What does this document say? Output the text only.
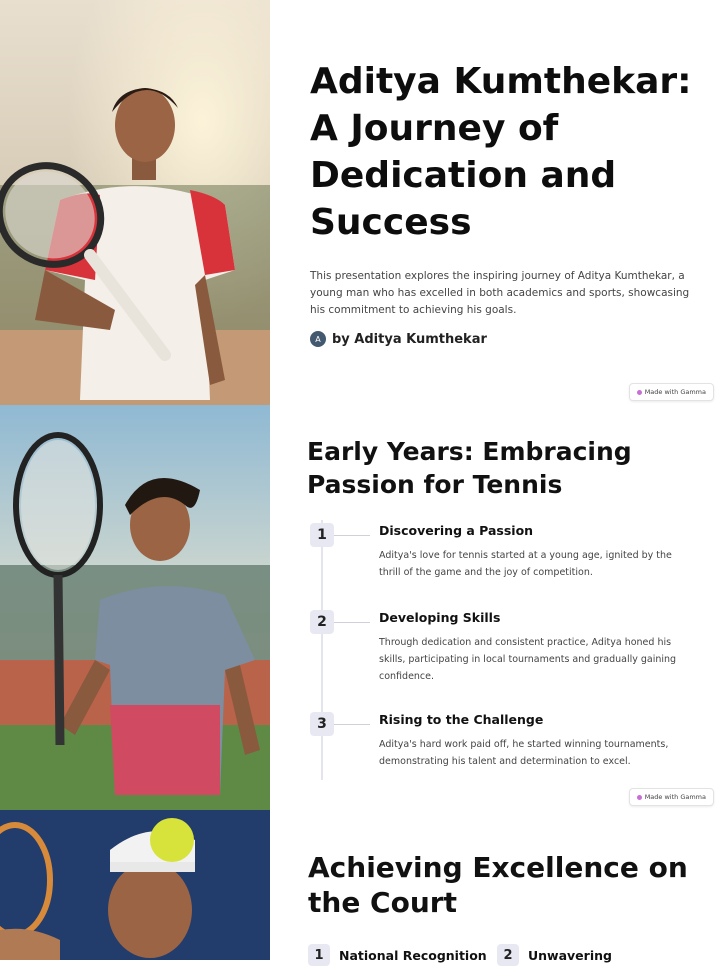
Aditya Kumthekar: A Journey of Dedication and Success

This presentation explores the inspiring journey of Aditya Kumthekar, a young man who has excelled in both academics and sports, showcasing his commitment to achieving his goals.

A by Aditya Kumthekar
Made with Gamma
Early Years: Embracing Passion for Tennis
1	Discovering a Passion
Aditya's love for tennis started at a young age, ignited by the thrill of the game and the joy of competition.
2	Developing Skills
Through dedication and consistent practice, Aditya honed his skills, participating in local tournaments and gradually gaining confidence.
3	Rising to the Challenge
Aditya's hard work paid off, he started winning tournaments, demonstrating his talent and determination to excel.
Made with Gamma
Achieving Excellence on the Court
1	National Recognition	2	Unwavering
